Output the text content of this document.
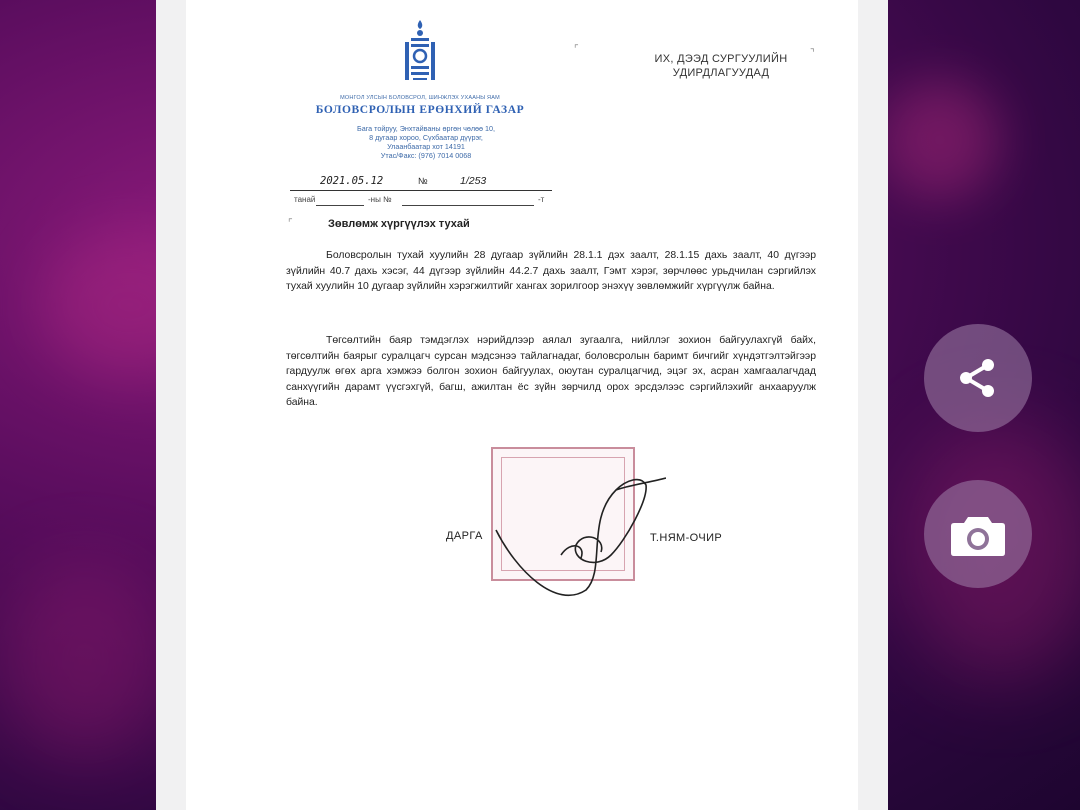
МОНГОЛ УЛСЫН БОЛОВСРОЛ, ШИНЖЛЭХ УХААНЫ ЯАМ
БОЛОВСРОЛЫН ЕРӨНХИЙ ГАЗАР
Бага тойруу, Энхтайваны өргөн чөлөө 10,
8 дугаар хороо, Сүхбаатар дүүрэг,
Улаанбаатар хот 14191
Утас/Факс: (976) 7014 0068
⌜	⌝
ИХ, ДЭЭД СУРГУУЛИЙН
УДИРДЛАГУУДАД
2021.05.12	№	1/253
танай	-ны №	-т
⌜	Зөвлөмж хүргүүлэх тухай
Боловсролын тухай хуулийн 28 дугаар зүйлийн 28.1.1 дэх заалт, 28.1.15 дахь заалт, 40 дүгээр зүйлийн 40.7 дахь хэсэг, 44 дүгээр зүйлийн 44.2.7 дахь заалт, Гэмт хэрэг, зөрчлөөс урьдчилан сэргийлэх тухай хуулийн 10 дугаар зүйлийн хэрэгжилтийг хангах зорилгоор энэхүү зөвлөмжийг хүргүүлж байна.
Төгсөлтийн баяр тэмдэглэх нэрийдлээр аялал зугаалга, нийллэг зохион байгуулахгүй байх, төгсөлтийн баярыг суралцагч сурсан мэдсэнээ тайлагнадаг, боловсролын баримт бичгийг хүндэтгэлтэйгээр гардуулж өгөх арга хэмжээ болгон зохион байгуулах, оюутан суралцагчид, эцэг эх, асран хамгаалагчдад санхүүгийн дарамт үүсгэхгүй, багш, ажилтан ёс зүйн зөрчилд орох эрсдэлээс сэргийлэхийг анхааруулж байна.
ДАРГА	Т.НЯМ-ОЧИР
